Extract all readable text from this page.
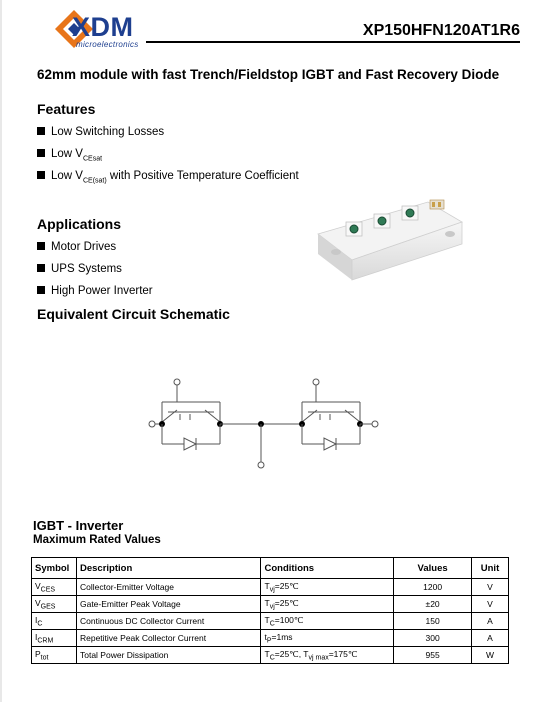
XDM
microelectronics
XP150HFN120AT1R6
62mm module with fast Trench/Fieldstop IGBT and Fast Recovery Diode
Features
Low Switching Losses
Low $V_{CEsat}$
Low $V_{CE(sat)}$ with Positive Temperature Coefficient
Applications
Motor Drives
UPS Systems
High Power Inverter
Equivalent Circuit Schematic
IGBT - Inverter
Maximum Rated Values
Symbol	Description	Conditions	Values	Unit
$V_{CES}$	Collector-Emitter Voltage	$T_{vj}=25℃$	1200	V
$V_{GES}$	Gate-Emitter Peak Voltage	$T_{vj}=25℃$	±20	V
$I_C$	Continuous DC Collector Current	$T_C=100℃$	150	A
$I_{CRM}$	Repetitive Peak Collector Current	$t_P=1ms$	300	A
$P_{tot}$	Total Power Dissipation	$T_C=25℃$, $T_{vj max}=175℃$	955	W
